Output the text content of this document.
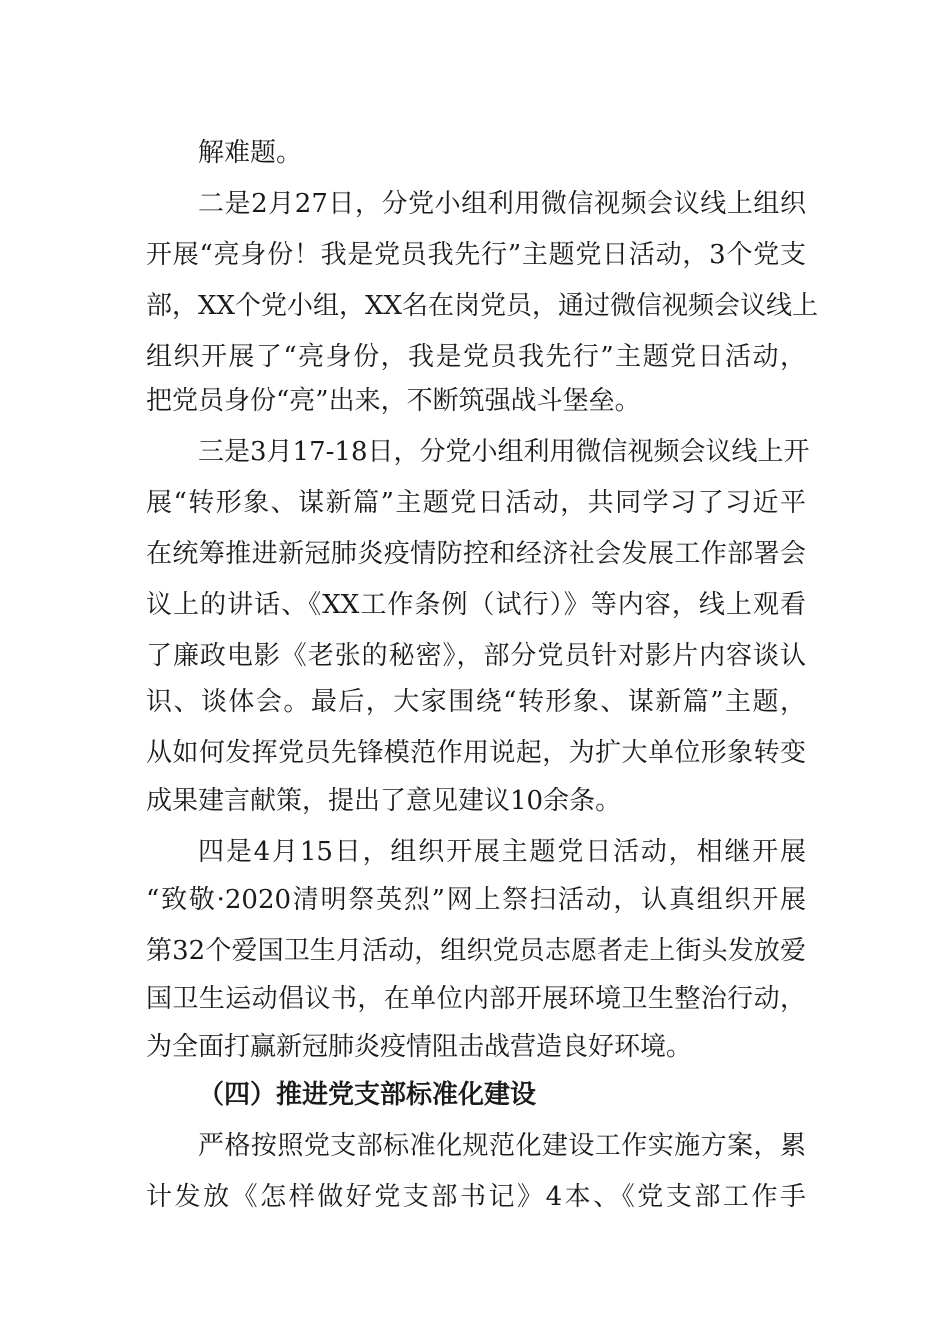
解难题。
二是2月27日，分党小组利用微信视频会议线上组织
开展“亮身份！我是党员我先行”主题党日活动，3个党支
部，XX个党小组，XX名在岗党员，通过微信视频会议线上
组织开展了“亮身份，我是党员我先行”主题党日活动，
把党员身份“亮”出来，不断筑强战斗堡垒。
三是3月17-18日，分党小组利用微信视频会议线上开
展“转形象、谋新篇”主题党日活动，共同学习了习近平
在统筹推进新冠肺炎疫情防控和经济社会发展工作部署会
议上的讲话、《XX工作条例（试行）》等内容，线上观看
了廉政电影《老张的秘密》，部分党员针对影片内容谈认
识、谈体会。最后，大家围绕“转形象、谋新篇”主题，
从如何发挥党员先锋模范作用说起，为扩大单位形象转变
成果建言献策，提出了意见建议10余条。
四是4月15日，组织开展主题党日活动，相继开展
“致敬·2020清明祭英烈”网上祭扫活动，认真组织开展
第32个爱国卫生月活动，组织党员志愿者走上街头发放爱
国卫生运动倡议书，在单位内部开展环境卫生整治行动，
为全面打赢新冠肺炎疫情阻击战营造良好环境。
（四）推进党支部标准化建设
严格按照党支部标准化规范化建设工作实施方案，累
计发放《怎样做好党支部书记》4本、《党支部工作手
